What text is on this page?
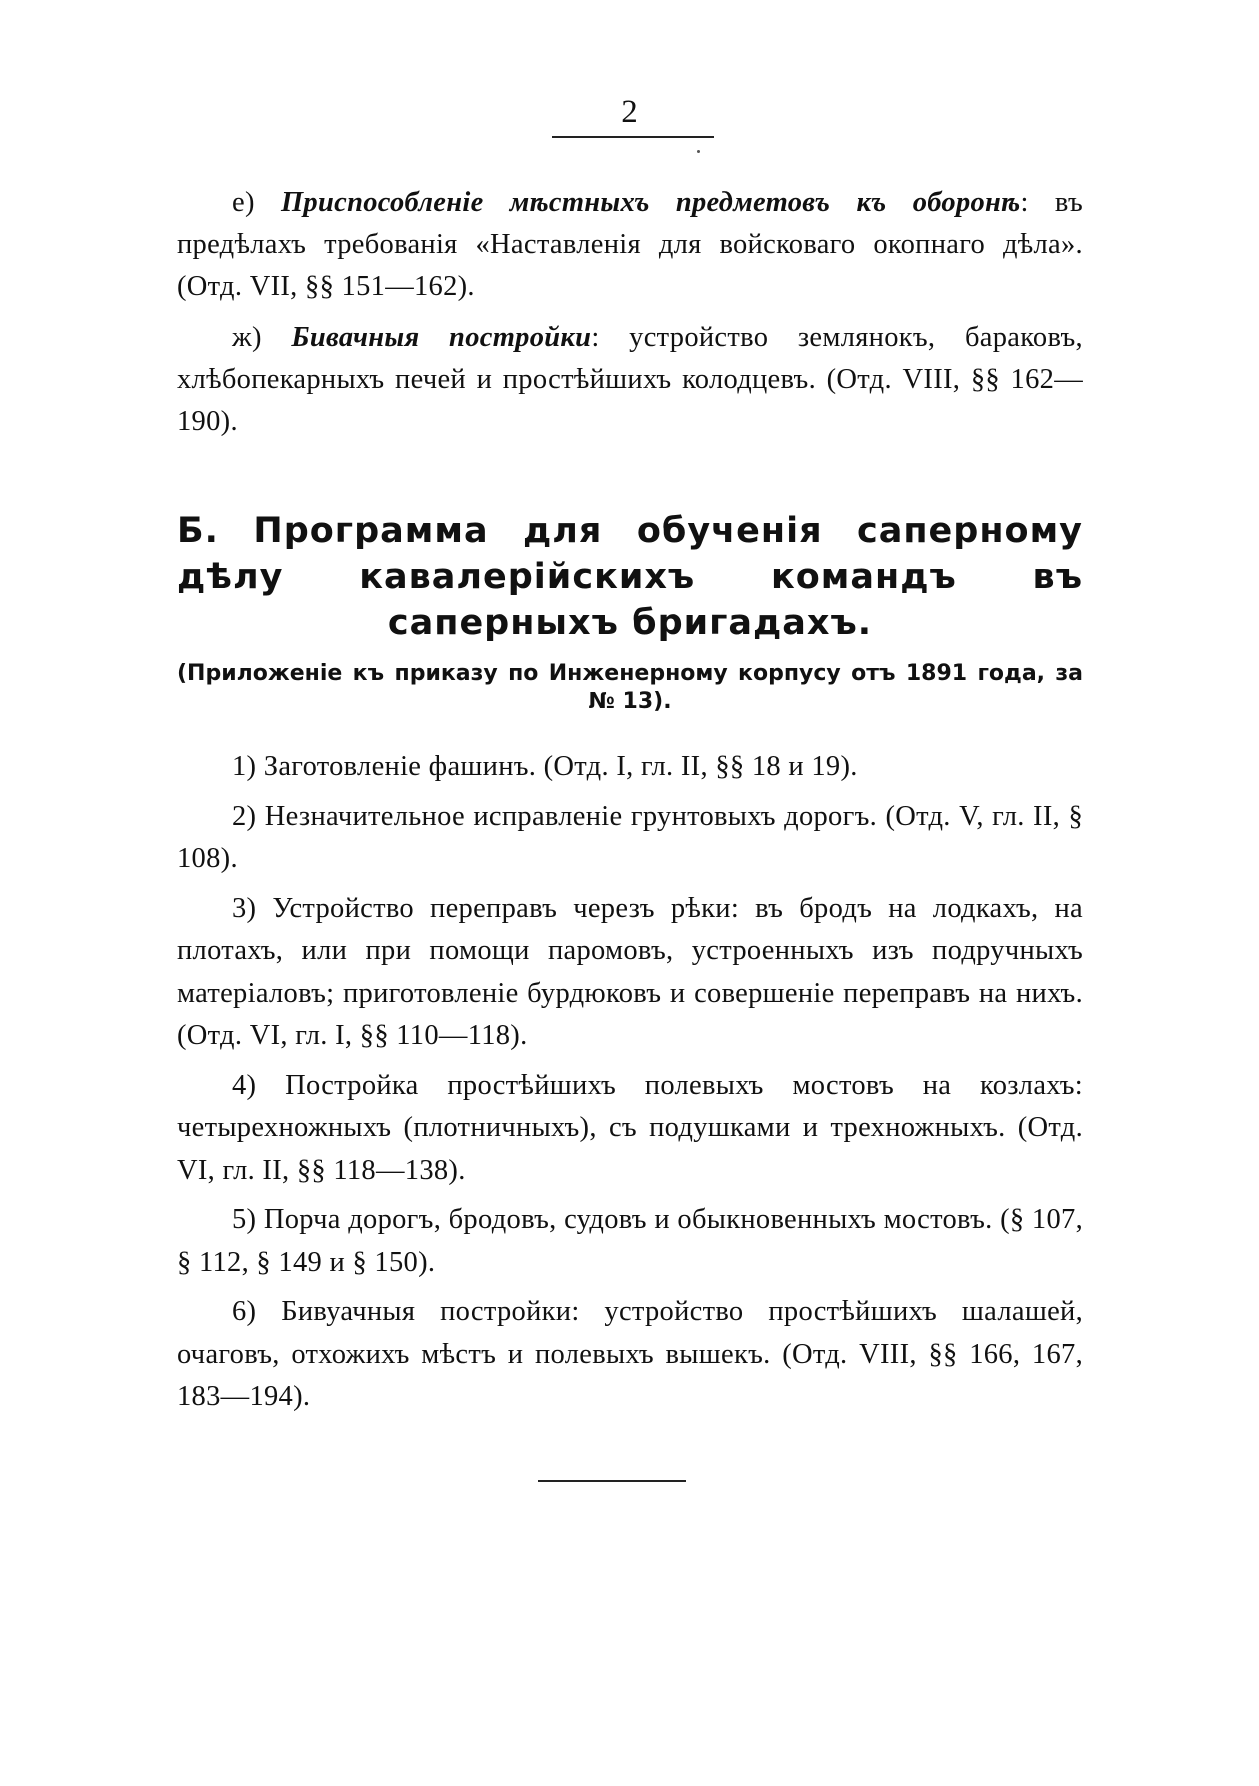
2

е) Приспособленіе мѣстныхъ предметовъ къ оборонѣ: въ предѣлахъ требованія «Наставленія для войсковаго окопнаго дѣла». (Отд. VII, §§ 151—162).

ж) Бивачныя постройки: устройство землянокъ, бараковъ, хлѣбопекарныхъ печей и простѣйшихъ колодцевъ. (Отд. VIII, §§ 162—190).

Б. Программа для обученія саперному дѣлу кавалерійскихъ командъ въ саперныхъ бригадахъ.
(Приложеніе къ приказу по Инженерному корпусу отъ 1891 года, за № 13).

1) Заготовленіе фашинъ. (Отд. I, гл. II, §§ 18 и 19).

2) Незначительное исправленіе грунтовыхъ дорогъ. (Отд. V, гл. II, § 108).

3) Устройство переправъ черезъ рѣки: въ бродъ на лодкахъ, на плотахъ, или при помощи паромовъ, устроенныхъ изъ подручныхъ матеріаловъ; приготовленіе бурдюковъ и совершеніе переправъ на нихъ. (Отд. VI, гл. I, §§ 110—118).

4) Постройка простѣйшихъ полевыхъ мостовъ на козлахъ: четырехножныхъ (плотничныхъ), съ подушками и трехножныхъ. (Отд. VI, гл. II, §§ 118—138).

5) Порча дорогъ, бродовъ, судовъ и обыкновенныхъ мостовъ. (§ 107, § 112, § 149 и § 150).

6) Бивуачныя постройки: устройство простѣйшихъ шалашей, очаговъ, отхожихъ мѣстъ и полевыхъ вышекъ. (Отд. VIII, §§ 166, 167, 183—194).
